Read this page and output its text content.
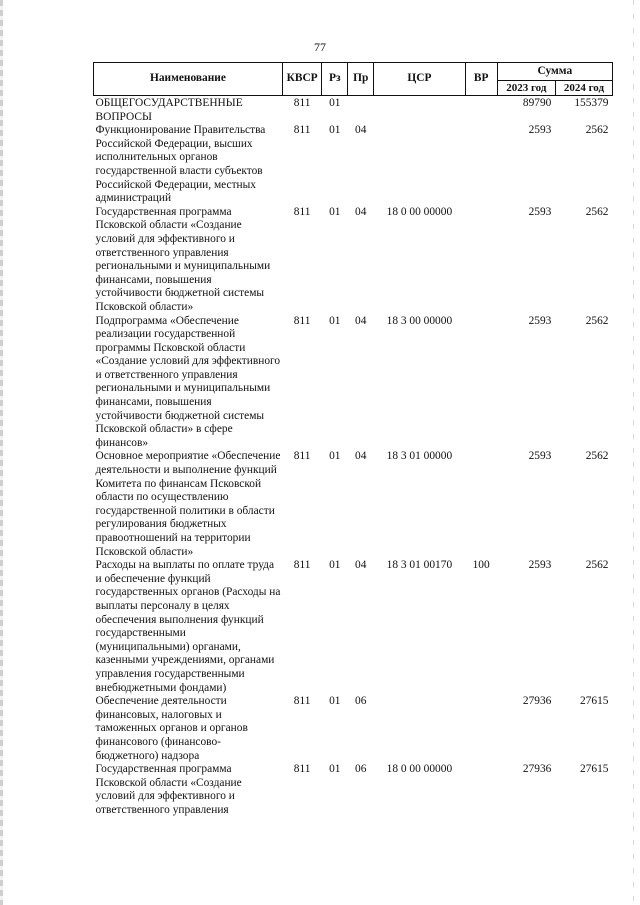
77
Наименование	КВСР	Рз	Пр	ЦСР	ВР	Сумма	
						2023 год	2024 год
ОБЩЕГОСУДАРСТВЕННЫЕ ВОПРОСЫ	811	01				89790	155379
Функционирование Правительства Российской Федерации, высших исполнительных органов государственной власти субъектов Российской Федерации, местных администраций	811	01	04			2593	2562
Государственная программа Псковской области «Создание условий для эффективного и ответственного управления региональными и муниципальными финансами, повышения устойчивости бюджетной системы Псковской области»	811	01	04	18 0 00 00000		2593	2562
Подпрограмма «Обеспечение реализации государственной программы Псковской области «Создание условий для эффективного и ответственного управления региональными и муниципальными финансами, повышения устойчивости бюджетной системы Псковской области» в сфере финансов»	811	01	04	18 3 00 00000		2593	2562
Основное мероприятие «Обеспечение деятельности и выполнение функций Комитета по финансам Псковской области по осуществлению государственной политики в области регулирования бюджетных правоотношений на территории Псковской области»	811	01	04	18 3 01 00000		2593	2562
Расходы на выплаты по оплате труда и обеспечение функций государственных органов (Расходы на выплаты персоналу в целях обеспечения выполнения функций государственными (муниципальными) органами, казенными учреждениями, органами управления государственными внебюджетными фондами)	811	01	04	18 3 01 00170	100	2593	2562
Обеспечение деятельности финансовых, налоговых и таможенных органов и органов финансового (финансово-бюджетного) надзора	811	01	06			27936	27615
Государственная программа Псковской области «Создание условий для эффективного и ответственного управления	811	01	06	18 0 00 00000		27936	27615
